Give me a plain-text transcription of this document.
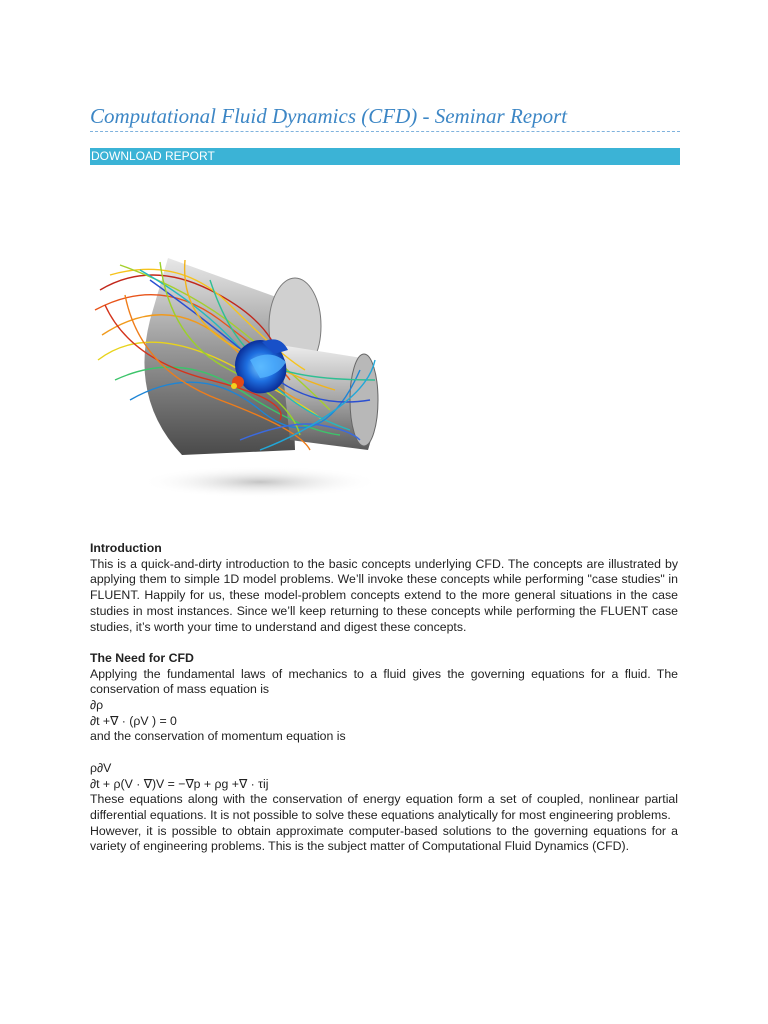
Computational Fluid Dynamics (CFD) - Seminar Report
DOWNLOAD REPORT

Introduction

This is a quick-and-dirty introduction to the basic concepts underlying CFD. The concepts are illustrated by applying them to simple 1D model problems. We’ll invoke these concepts while performing "case studies" in FLUENT. Happily for us, these model-problem concepts extend to the more general situations in the case studies in most instances. Since we’ll keep returning to these concepts while performing the FLUENT case studies, it’s worth your time to understand and digest these concepts.

The Need for CFD

Applying the fundamental laws of mechanics to a fluid gives the governing equations for a fluid. The conservation of mass equation is

∂ρ

∂t +∇ · (ρV ) = 0

and the conservation of momentum equation is

ρ∂V

∂t + ρ(V · ∇)V = −∇p + ρg +∇ · τij

These equations along with the conservation of energy equation form a set of coupled, nonlinear partial differential equations. It is not possible to solve these equations analytically for most engineering problems.

However, it is possible to obtain approximate computer-based solutions to the governing equations for a variety of engineering problems. This is the subject matter of Computational Fluid Dynamics (CFD).
